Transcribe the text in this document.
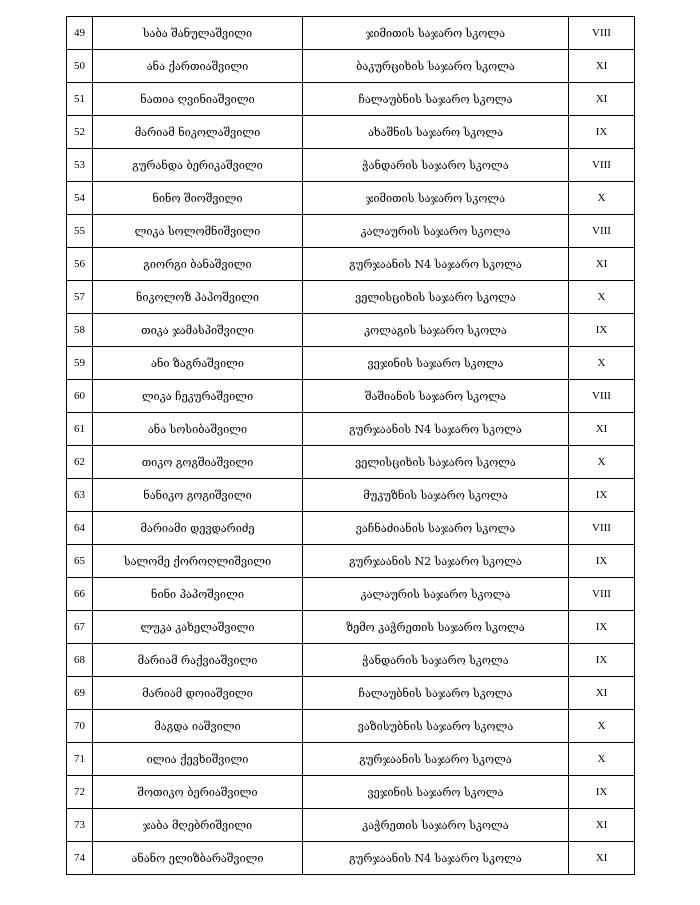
49	საბა შანულაშვილი	ჯიმითის საჯარო სკოლა	VIII
50	ანა ქართიაშვილი	ბაკურციხის საჯარო სკოლა	XI
51	ნათია ღვინიაშვილი	ჩალაუბნის საჯარო სკოლა	XI
52	მარიამ ნიკოლაშვილი	ახაშნის საჯარო სკოლა	IX
53	გურანდა ბერიკაშვილი	ჭანდარის საჯარო სკოლა	VIII
54	ნინო შიოშვილი	ჯიმითის საჯარო სკოლა	X
55	ლიკა სოლომნიშვილი	კალაურის საჯარო სკოლა	VIII
56	გიორგი ბანაშვილი	გურჯაანის N4 საჯარო სკოლა	XI
57	ნიკოლოზ პაპოშვილი	ველისციხის საჯარო სკოლა	X
58	თიკა ჯამასპიშვილი	კოლაგის საჯარო სკოლა	IX
59	ანი ზაგრაშვილი	ვეჯინის საჯარო სკოლა	X
60	ლიკა ჩეკურაშვილი	შაშიანის საჯარო სკოლა	VIII
61	ანა სოსიბაშვილი	გურჯაანის N4 საჯარო სკოლა	XI
62	თიკო გოგშიაშვილი	ველისციხის საჯარო სკოლა	X
63	ნანიკო გოგიშვილი	მუკუზნის საჯარო სკოლა	IX
64	მარიამი დევდარიძე	ვაჩნაძიანის საჯარო სკოლა	VIII
65	სალომე ქოროღლიშვილი	გურჯაანის N2 საჯარო სკოლა	IX
66	ნინი პაპოშვილი	კალაურის საჯარო სკოლა	VIII
67	ლუკა კახელაშვილი	ზემო კაჭრეთის საჯარო სკოლა	IX
68	მარიამ რაქვიაშვილი	ჭანდარის საჯარო სკოლა	IX
69	მარიამ დოიაშვილი	ჩალაუბნის საჯარო სკოლა	XI
70	მაგდა იაშვილი	ვაზისუბნის საჯარო სკოლა	X
71	ილია ქევხიშვილი	გურჯაანის საჯარო სკოლა	X
72	შოთიკო ბერიაშვილი	ვეჯინის საჯარო სკოლა	IX
73	ჯაბა მღებრიშვილი	კაჭრეთის საჯარო სკოლა	XI
74	ანანო ელიზბარაშვილი	გურჯაანის N4 საჯარო სკოლა	XI
